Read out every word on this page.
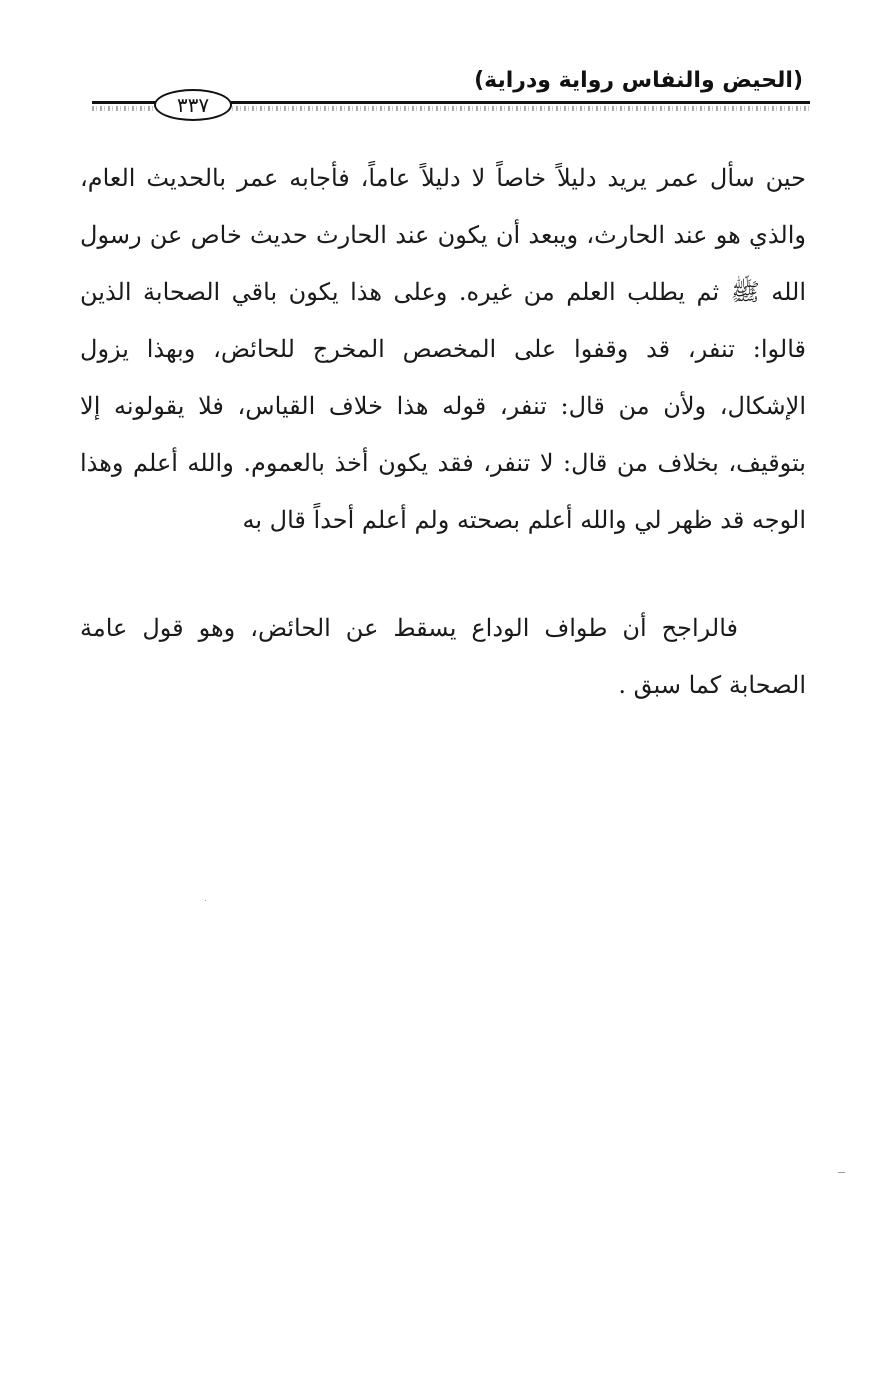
(الحيض والنفاس رواية ودراية)
٣٣٧

حين سأل عمر يريد دليلاً خاصاً لا دليلاً عاماً، فأجابه عمر بالحديث العام، والذي هو عند الحارث، ويبعد أن يكون عند الحارث حديث خاص عن رسول الله ﷺ ثم يطلب العلم من غيره. وعلى هذا يكون باقي الصحابة الذين قالوا: تنفر، قد وقفوا على المخصص المخرج للحائض، وبهذا يزول الإشكال، ولأن من قال: تنفر، قوله هذا خلاف القياس، فلا يقولونه إلا بتوقيف، بخلاف من قال: لا تنفر، فقد يكون أخذ بالعموم. والله أعلم وهذا الوجه قد ظهر لي والله أعلم بصحته ولم أعلم أحداً قال به

فالراجح أن طواف الوداع يسقط عن الحائض، وهو قول عامة الصحابة كما سبق .
